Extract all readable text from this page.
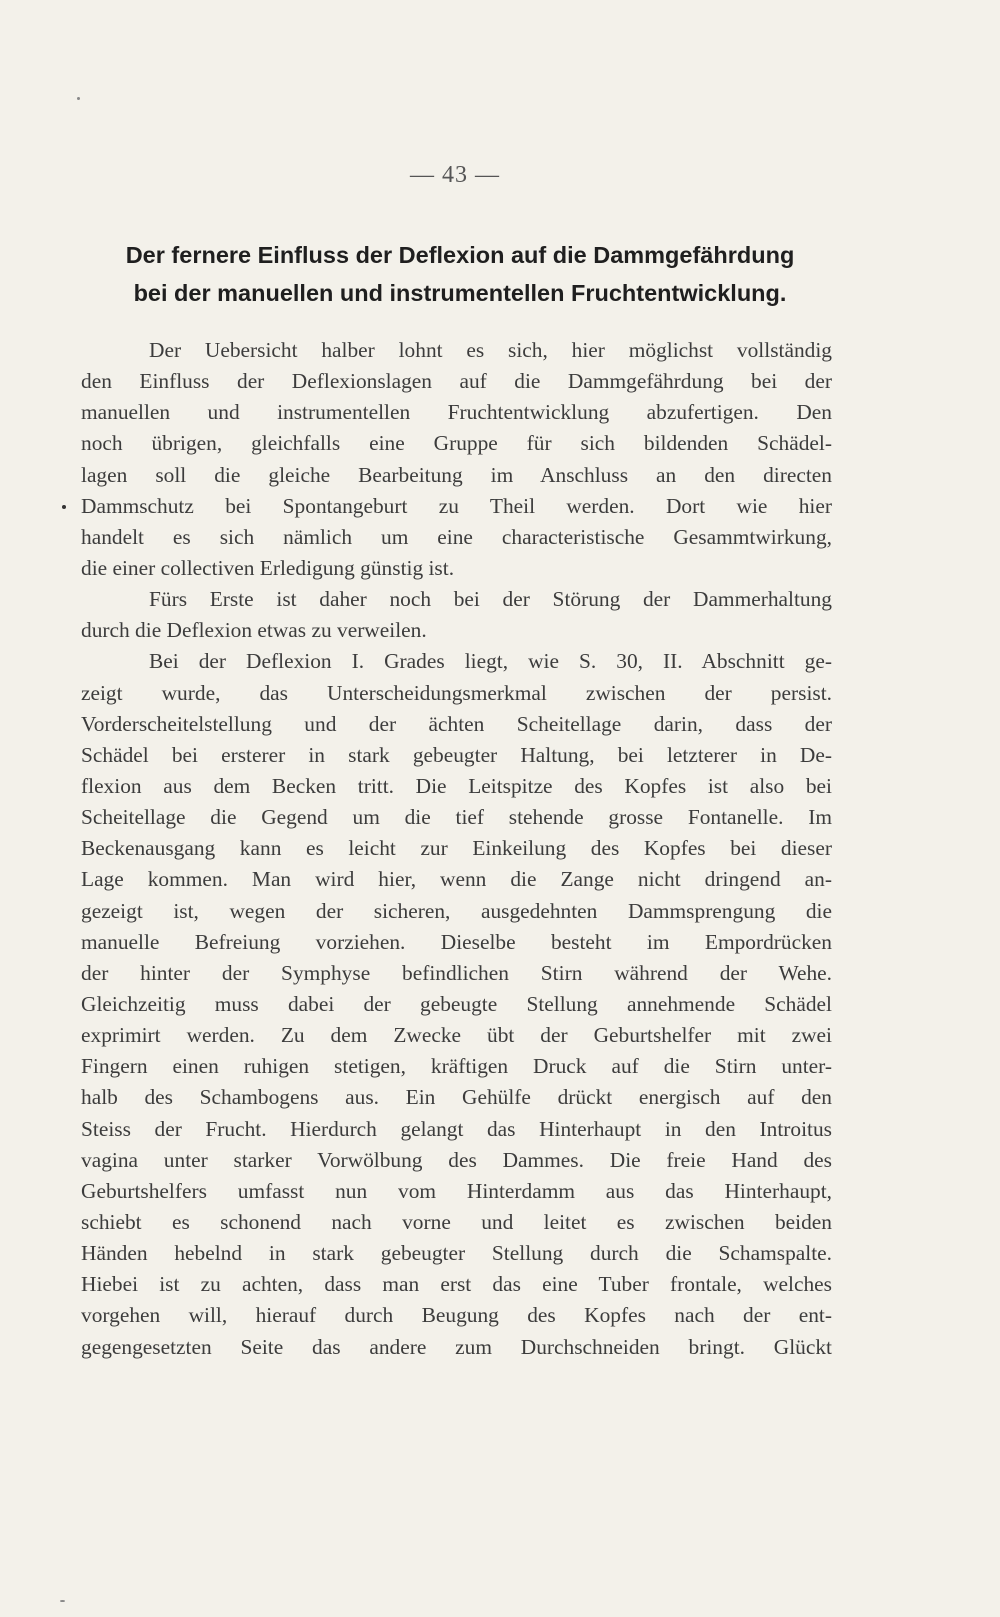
— 43 —
Der fernere Einfluss der Deflexion auf die Dammgefährdung
bei der manuellen und instrumentellen Fruchtentwicklung.
Der Uebersicht halber lohnt es sich, hier möglichst vollständig
den Einfluss der Deflexionslagen auf die Dammgefährdung bei der
manuellen und instrumentellen Fruchtentwicklung abzufertigen. Den
noch übrigen, gleichfalls eine Gruppe für sich bildenden Schädel-
lagen soll die gleiche Bearbeitung im Anschluss an den directen
Dammschutz bei Spontangeburt zu Theil werden. Dort wie hier
handelt es sich nämlich um eine characteristische Gesammtwirkung,
die einer collectiven Erledigung günstig ist.
Fürs Erste ist daher noch bei der Störung der Dammerhaltung
durch die Deflexion etwas zu verweilen.
Bei der Deflexion I. Grades liegt, wie S. 30, II. Abschnitt ge-
zeigt wurde, das Unterscheidungsmerkmal zwischen der persist.
Vorderscheitelstellung und der ächten Scheitellage darin, dass der
Schädel bei ersterer in stark gebeugter Haltung, bei letzterer in De-
flexion aus dem Becken tritt. Die Leitspitze des Kopfes ist also bei
Scheitellage die Gegend um die tief stehende grosse Fontanelle. Im
Beckenausgang kann es leicht zur Einkeilung des Kopfes bei dieser
Lage kommen. Man wird hier, wenn die Zange nicht dringend an-
gezeigt ist, wegen der sicheren, ausgedehnten Dammsprengung die
manuelle Befreiung vorziehen. Dieselbe besteht im Empordrücken
der hinter der Symphyse befindlichen Stirn während der Wehe.
Gleichzeitig muss dabei der gebeugte Stellung annehmende Schädel
exprimirt werden. Zu dem Zwecke übt der Geburtshelfer mit zwei
Fingern einen ruhigen stetigen, kräftigen Druck auf die Stirn unter-
halb des Schambogens aus. Ein Gehülfe drückt energisch auf den
Steiss der Frucht. Hierdurch gelangt das Hinterhaupt in den Introitus
vagina unter starker Vorwölbung des Dammes. Die freie Hand des
Geburtshelfers umfasst nun vom Hinterdamm aus das Hinterhaupt,
schiebt es schonend nach vorne und leitet es zwischen beiden
Händen hebelnd in stark gebeugter Stellung durch die Schamspalte.
Hiebei ist zu achten, dass man erst das eine Tuber frontale, welches
vorgehen will, hierauf durch Beugung des Kopfes nach der ent-
gegengesetzten Seite das andere zum Durchschneiden bringt. Glückt
